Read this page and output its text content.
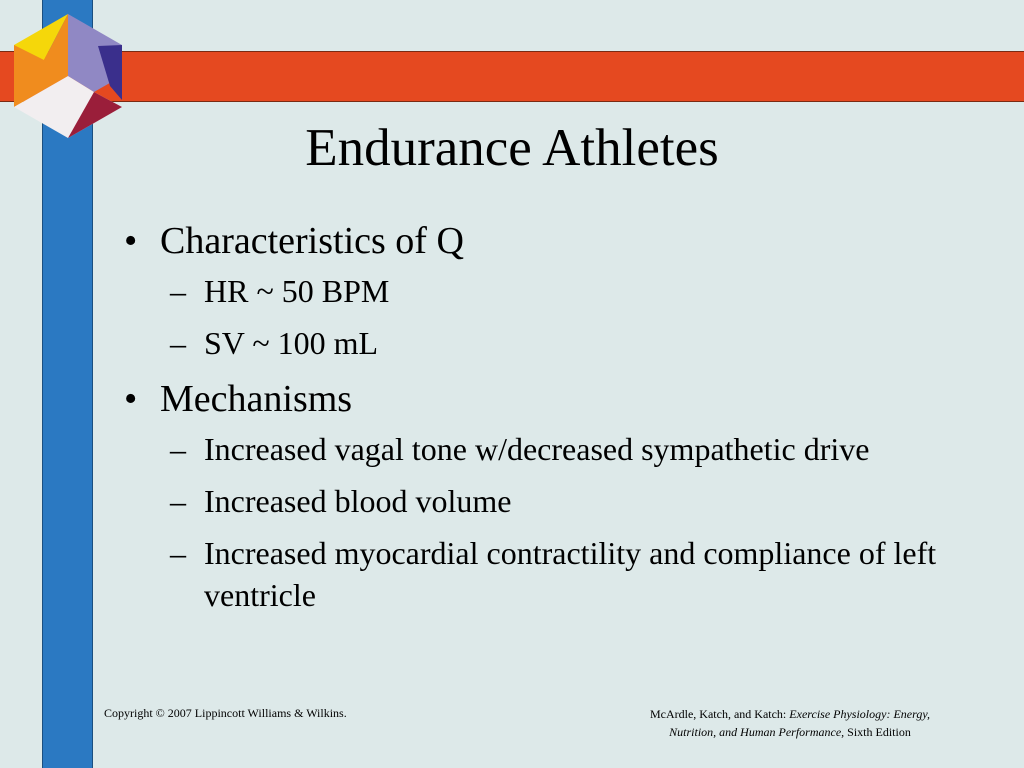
Endurance Athletes
• Characteristics of Q
– HR ~ 50 BPM
– SV ~ 100 mL
• Mechanisms
– Increased vagal tone w/decreased sympathetic drive
– Increased blood volume
– Increased myocardial contractility and compliance of left ventricle
Copyright © 2007 Lippincott Williams & Wilkins.	McArdle, Katch, and Katch: Exercise Physiology: Energy,
Nutrition, and Human Performance, Sixth Edition
